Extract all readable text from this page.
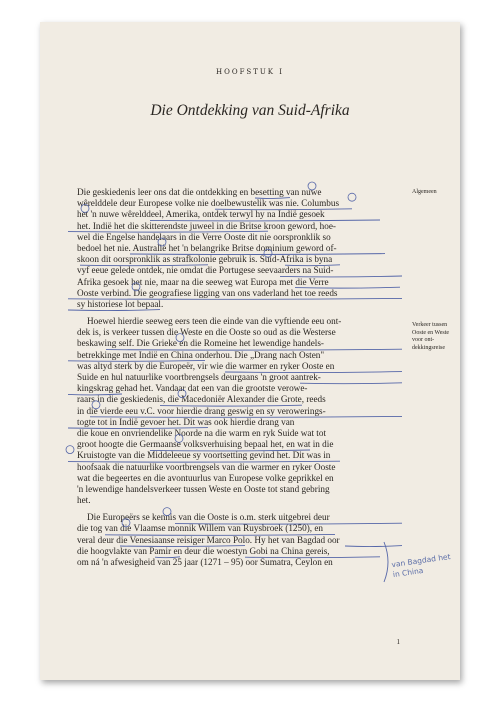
HOOFSTUK I
Die Ontdekking van Suid-Afrika
Die geskiedenis leer ons dat die ontdekking en besetting van nuwe
wêrelddele deur Europese volke nie doelbewustelik was nie. Columbus
het 'n nuwe wêrelddeel, Amerika, ontdek terwyl hy na Indië gesoek
het. Indië het die skitterendste juweel in die Britse kroon geword, hoe-
wel die Engelse handelaars in die Verre Ooste dit nie oorspronklik so
bedoel het nie. Australië het 'n belangrike Britse dominium geword of-
skoon dit oorspronklik as strafkolonie gebruik is. Suid-Afrika is byna
vyf eeue gelede ontdek, nie omdat die Portugese seevaarders na Suid-
Afrika gesoek het nie, maar na die seeweg wat Europa met die Verre
Ooste verbind. Die geografiese ligging van ons vaderland het toe reeds
sy historiese lot bepaal.
Hoewel hierdie seeweg eers teen die einde van die vyftiende eeu ont-
dek is, is verkeer tussen die Weste en die Ooste so oud as die Westerse
beskawing self. Die Grieke en die Romeine het lewendige handels-
betrekkinge met Indië en China onderhou. Die „Drang nach Osten"
was altyd sterk by die Europeër, vir wie die warmer en ryker Ooste en
Suide en hul natuurlike voortbrengsels deurgaans 'n groot aantrek-
kingskrag gehad het. Vandaar dat een van die grootste verowe-
raars in die geskiedenis, die Macedoniër Alexander die Grote, reeds
in die vierde eeu v.C. voor hierdie drang geswig en sy verowerings-
togte tot in Indië gevoer het. Dit was ook hierdie drang van
die koue en onvriendelike Noorde na die warm en ryk Suide wat tot
groot hoogte die Germaanse volksverhuising bepaal het, en wat in die
Kruistogte van die Middeleeue sy voortsetting gevind het. Dit was in
hoofsaak die natuurlike voortbrengsels van die warmer en ryker Ooste
wat die begeertes en die avontuurlus van Europese volke geprikkel en
'n lewendige handelsverkeer tussen Weste en Ooste tot stand gebring
het.
Die Europeërs se kennis van die Ooste is o.m. sterk uitgebrei deur
die tog van die Vlaamse monnik Willem van Ruysbroek (1250), en
veral deur die Venesiaanse reisiger Marco Polo. Hy het van Bagdad oor
die hoogvlakte van Pamir en deur die woestyn Gobi na China gereis,
om ná 'n afwesigheid van 25 jaar (1271 – 95) oor Sumatra, Ceylon en
Algemeen
Verkeer tussen Ooste en Weste voor ont-dekkingsreise
van Bagdad het in China
1
